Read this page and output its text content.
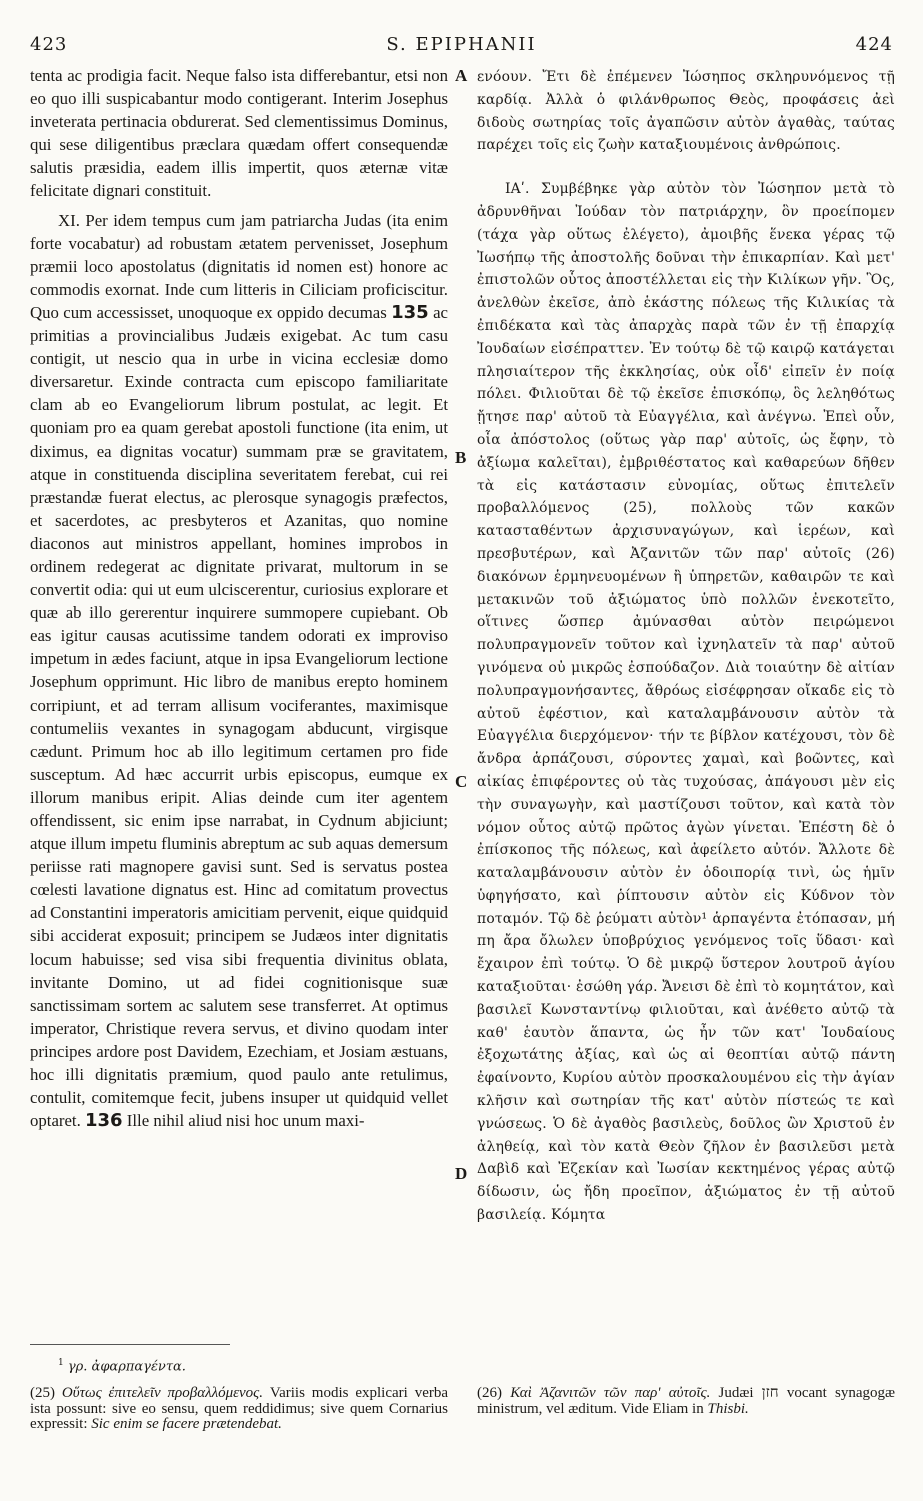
423	S. EPIPHANII	424

tenta ac prodigia facit. Neque falso ista differebantur, etsi non eo quo illi suspicabantur modo contigerant. Interim Josephus inveterata pertinacia obdurerat. Sed clementissimus Dominus, qui sese diligentibus præclara quædam offert consequendæ salutis præsidia, eadem illis impertit, quos æternæ vitæ felicitate dignari constituit.

XI. Per idem tempus cum jam patriarcha Judas (ita enim forte vocabatur) ad robustam ætatem pervenisset, Josephum præmii loco apostolatus (dignitatis id nomen est) honore ac commodis exornat. Inde cum litteris in Ciliciam proficiscitur. Quo cum accessisset, unoquoque ex oppido decumas 135 ac primitias a provincialibus Judæis exigebat. Ac tum casu contigit, ut nescio qua in urbe in vicina ecclesiæ domo diversaretur. Exinde contracta cum episcopo familiaritate clam ab eo Evangeliorum librum postulat, ac legit. Et quoniam pro ea quam gerebat apostoli functione (ita enim, ut diximus, ea dignitas vocatur) summam præ se gravitatem, atque in constituenda disciplina severitatem ferebat, cui rei præstandæ fuerat electus, ac plerosque synagogis præfectos, et sacerdotes, ac presbyteros et Azanitas, quo nomine diaconos aut ministros appellant, homines improbos in ordinem redegerat ac dignitate privarat, multorum in se convertit odia: qui ut eum ulciscerentur, curiosius explorare et quæ ab illo gererentur inquirere summopere cupiebant. Ob eas igitur causas acutissime tandem odorati ex improviso impetum in ædes faciunt, atque in ipsa Evangeliorum lectione Josephum opprimunt. Hic libro de manibus erepto hominem corripiunt, et ad terram allisum vociferantes, maximisque contumeliis vexantes in synagogam abducunt, virgisque cædunt. Primum hoc ab illo legitimum certamen pro fide susceptum. Ad hæc accurrit urbis episcopus, eumque ex illorum manibus eripit. Alias deinde cum iter agentem offendissent, sic enim ipse narrabat, in Cydnum abjiciunt; atque illum impetu fluminis abreptum ac sub aquas demersum periisse rati magnopere gavisi sunt. Sed is servatus postea cœlesti lavatione dignatus est. Hinc ad comitatum provectus ad Constantini imperatoris amicitiam pervenit, eique quidquid sibi acciderat exposuit; principem se Judæos inter dignitatis locum habuisse; sed visa sibi frequentia divinitus oblata, invitante Domino, ut ad fidei cognitionisque suæ sanctissimam sortem ac salutem sese transferret. At optimus imperator, Christique revera servus, et divino quodam inter principes ardore post Davidem, Ezechiam, et Josiam æstuans, hoc illi dignitatis præmium, quod paulo ante retulimus, contulit, comitemque fecit, jubens insuper ut quidquid vellet optaret. 136 Ille nihil aliud nisi hoc unum maxi-

A
B
C
D

ενόουν. Ἔτι δὲ ἐπέμενεν Ἰώσηπος σκληρυνόμενος τῇ καρδίᾳ. Ἀλλὰ ὁ φιλάνθρωπος Θεὸς, προφάσεις ἀεὶ διδοὺς σωτηρίας τοῖς ἀγαπῶσιν αὐτὸν ἀγαθὰς, ταύτας παρέχει τοῖς εἰς ζωὴν καταξιουμένοις ἀνθρώποις.

ΙΑʹ. Συμβέβηκε γὰρ αὐτὸν τὸν Ἰώσηπον μετὰ τὸ ἀδρυνθῆναι Ἰούδαν τὸν πατριάρχην, ὃν προείπομεν (τάχα γὰρ οὕτως ἐλέγετο), ἀμοιβῆς ἕνεκα γέρας τῷ Ἰωσήπῳ τῆς ἀποστολῆς δοῦναι τὴν ἐπικαρπίαν. Καὶ μετ' ἐπιστολῶν οὗτος ἀποστέλλεται εἰς τὴν Κιλίκων γῆν. Ὃς, ἀνελθὼν ἐκεῖσε, ἀπὸ ἑκάστης πόλεως τῆς Κιλικίας τὰ ἐπιδέκατα καὶ τὰς ἀπαρχὰς παρὰ τῶν ἐν τῇ ἐπαρχίᾳ Ἰουδαίων εἰσέπραττεν. Ἐν τούτῳ δὲ τῷ καιρῷ κατάγεται πλησιαίτερον τῆς ἐκκλησίας, οὐκ οἶδ' εἰπεῖν ἐν ποίᾳ πόλει. Φιλιοῦται δὲ τῷ ἐκεῖσε ἐπισκόπῳ, ὃς λεληθότως ᾔτησε παρ' αὐτοῦ τὰ Εὐαγγέλια, καὶ ἀνέγνω. Ἐπεὶ οὖν, οἷα ἀπόστολος (οὕτως γὰρ παρ' αὐτοῖς, ὡς ἔφην, τὸ ἀξίωμα καλεῖται), ἐμβριθέστατος καὶ καθαρεύων δῆθεν τὰ εἰς κατάστασιν εὐνομίας, οὕτως ἐπιτελεῖν προβαλλόμενος (25), πολλοὺς τῶν κακῶν κατασταθέντων ἀρχισυναγώγων, καὶ ἱερέων, καὶ πρεσβυτέρων, καὶ Ἀζανιτῶν τῶν παρ' αὐτοῖς (26) διακόνων ἑρμηνευομένων ἢ ὑπηρετῶν, καθαιρῶν τε καὶ μετακινῶν τοῦ ἀξιώματος ὑπὸ πολλῶν ἐνεκοτεῖτο, οἵτινες ὥσπερ ἀμύνασθαι αὐτὸν πειρώμενοι πολυπραγμονεῖν τοῦτον καὶ ἰχνηλατεῖν τὰ παρ' αὐτοῦ γινόμενα οὐ μικρῶς ἐσπούδαζον. Διὰ τοιαύτην δὲ αἰτίαν πολυπραγμονήσαντες, ἄθρόως εἰσέφρησαν οἴκαδε εἰς τὸ αὐτοῦ ἐφέστιον, καὶ καταλαμβάνουσιν αὐτὸν τὰ Εὐαγγέλια διερχόμενον· τήν τε βίβλον κατέχουσι, τὸν δὲ ἄνδρα ἁρπάζουσι, σύροντες χαμαὶ, καὶ βοῶντες, καὶ αἰκίας ἐπιφέροντες οὐ τὰς τυχούσας, ἀπάγουσι μὲν εἰς τὴν συναγωγὴν, καὶ μαστίζουσι τοῦτον, καὶ κατὰ τὸν νόμον οὗτος αὐτῷ πρῶτος ἀγὼν γίνεται. Ἐπέστη δὲ ὁ ἐπίσκοπος τῆς πόλεως, καὶ ἀφείλετο αὐτόν. Ἄλλοτε δὲ καταλαμβάνουσιν αὐτὸν ἐν ὁδοιπορίᾳ τινὶ, ὡς ἡμῖν ὑφηγήσατο, καὶ ῥίπτουσιν αὐτὸν εἰς Κύδνον τὸν ποταμόν. Τῷ δὲ ῥεύματι αὐτὸν¹ ἁρπαγέντα ἐτόπασαν, μή πη ἄρα ὄλωλεν ὑποβρύχιος γενόμενος τοῖς ὕδασι· καὶ ἔχαιρον ἐπὶ τούτῳ. Ὁ δὲ μικρῷ ὕστερον λουτροῦ ἁγίου καταξιοῦται· ἐσώθη γάρ. Ἄνεισι δὲ ἐπὶ τὸ κομητάτον, καὶ βασιλεῖ Κωνσταντίνῳ φιλιοῦται, καὶ ἀνέθετο αὐτῷ τὰ καθ' ἑαυτὸν ἅπαντα, ὡς ἦν τῶν κατ' Ἰουδαίους ἐξοχωτάτης ἀξίας, καὶ ὡς αἱ θεοπτίαι αὐτῷ πάντη ἐφαίνοντο, Κυρίου αὐτὸν προσκαλουμένου εἰς τὴν ἁγίαν κλῆσιν καὶ σωτηρίαν τῆς κατ' αὐτὸν πίστεώς τε καὶ γνώσεως. Ὁ δὲ ἀγαθὸς βασιλεὺς, δοῦλος ὢν Χριστοῦ ἐν ἀληθείᾳ, καὶ τὸν κατὰ Θεὸν ζῆλον ἐν βασιλεῦσι μετὰ Δαβὶδ καὶ Ἐζεκίαν καὶ Ἰωσίαν κεκτημένος γέρας αὐτῷ δίδωσιν, ὡς ἤδη προεῖπον, ἀξιώματος ἐν τῇ αὐτοῦ βασιλείᾳ. Κόμητα

$^1$ γρ. ἀφαρπαγέντα.
(25) Οὕτως ἐπιτελεῖν προβαλλόμενος. Variis modis explicari verba ista possunt: sive eo sensu, quem reddidimus; sive quem Cornarius expressit: Sic enim se facere prætendebat.
(26) Καὶ Ἀζανιτῶν τῶν παρ' αὐτοῖς. Judæi חזן vocant synagogæ ministrum, vel æditum. Vide Eliam in Thisbi.
